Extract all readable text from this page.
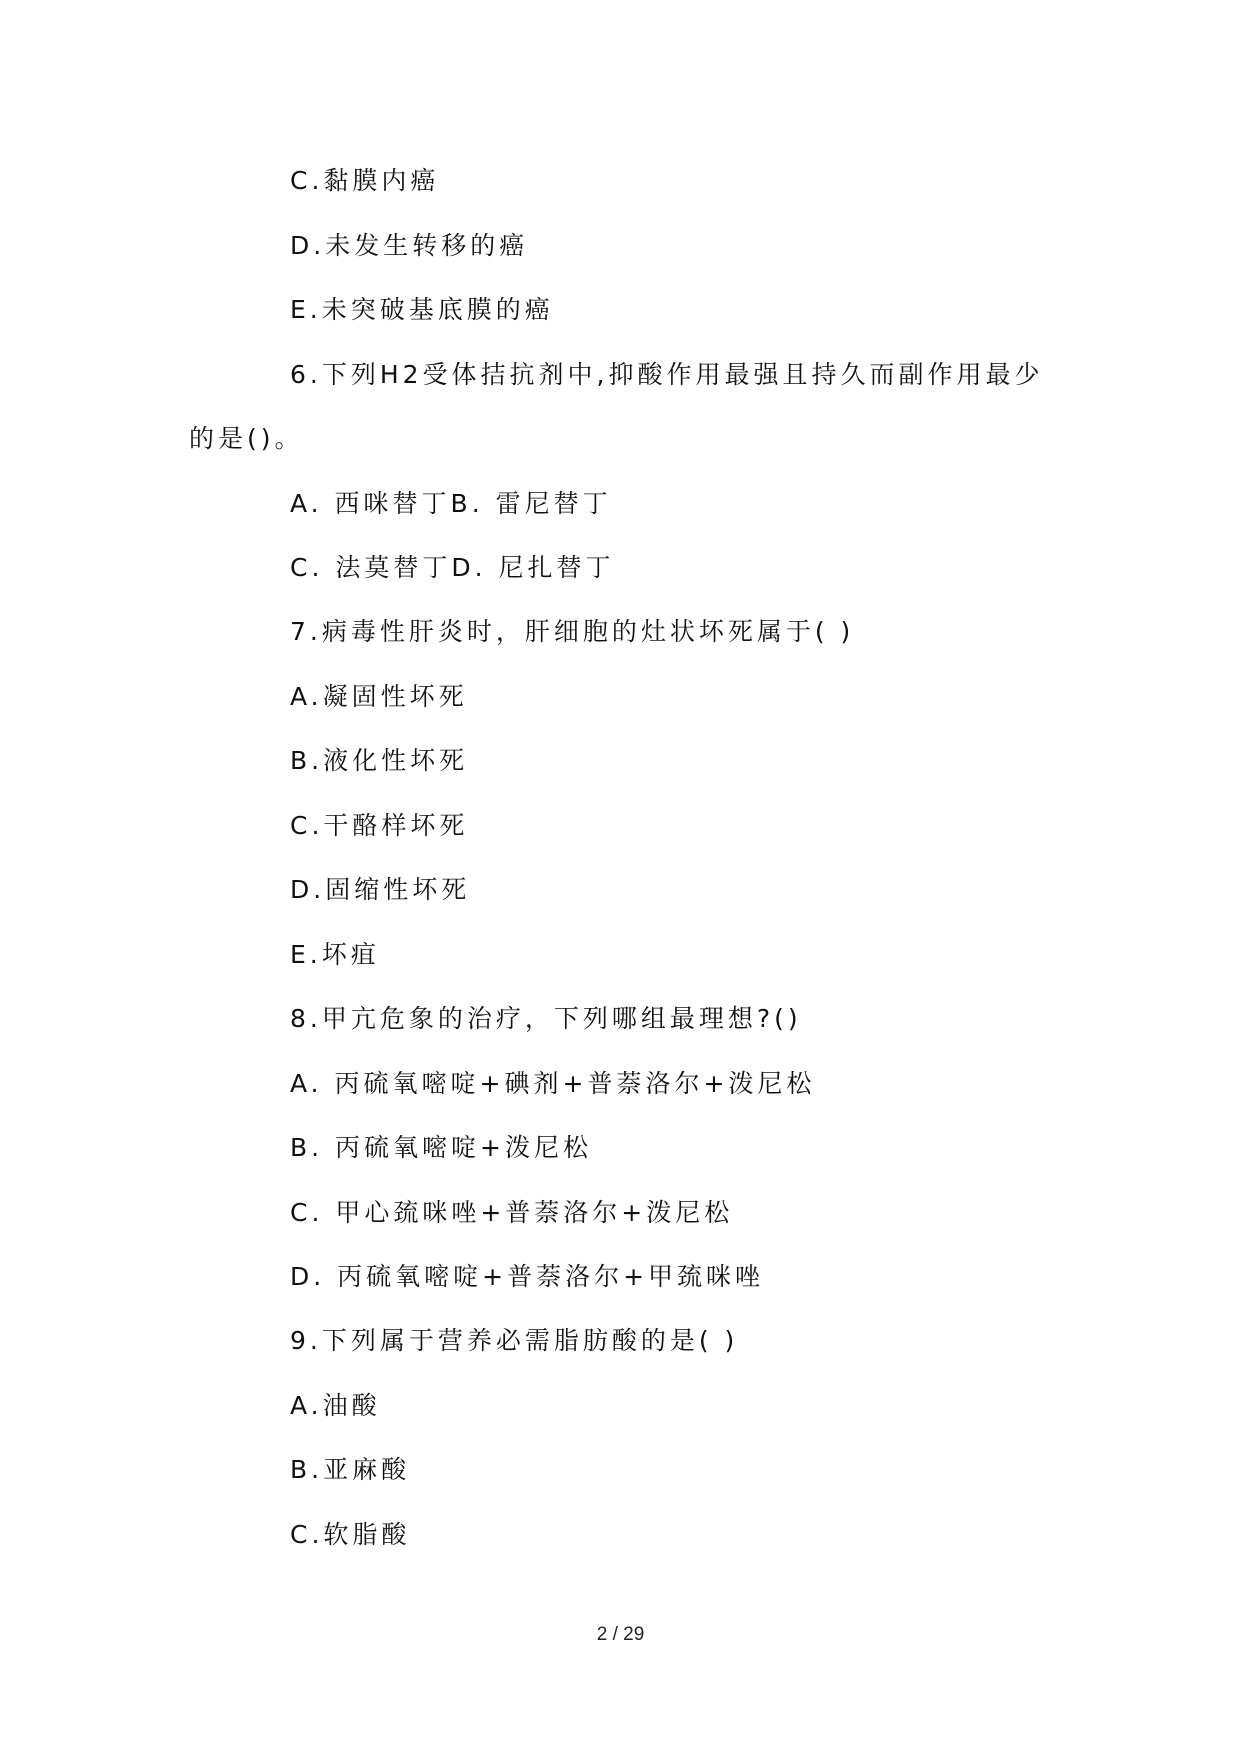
C.黏膜内癌
D.未发生转移的癌
E.未突破基底膜的癌
6.下列H2受体拮抗剂中,抑酸作用最强且持久而副作用最少
的是()。
A. 西咪替丁B. 雷尼替丁
C. 法莫替丁D. 尼扎替丁
7.病毒性肝炎时，肝细胞的灶状坏死属于( )
A.凝固性坏死
B.液化性坏死
C.干酪样坏死
D.固缩性坏死
E.坏疽
8.甲亢危象的治疗，下列哪组最理想?()
A. 丙硫氧嘧啶+碘剂+普萘洛尔+泼尼松
B. 丙硫氧嘧啶+泼尼松
C. 甲心巯咪唑+普萘洛尔+泼尼松
D. 丙硫氧嘧啶+普萘洛尔+甲巯咪唑
9.下列属于营养必需脂肪酸的是( )
A.油酸
B.亚麻酸
C.软脂酸
2 / 29
